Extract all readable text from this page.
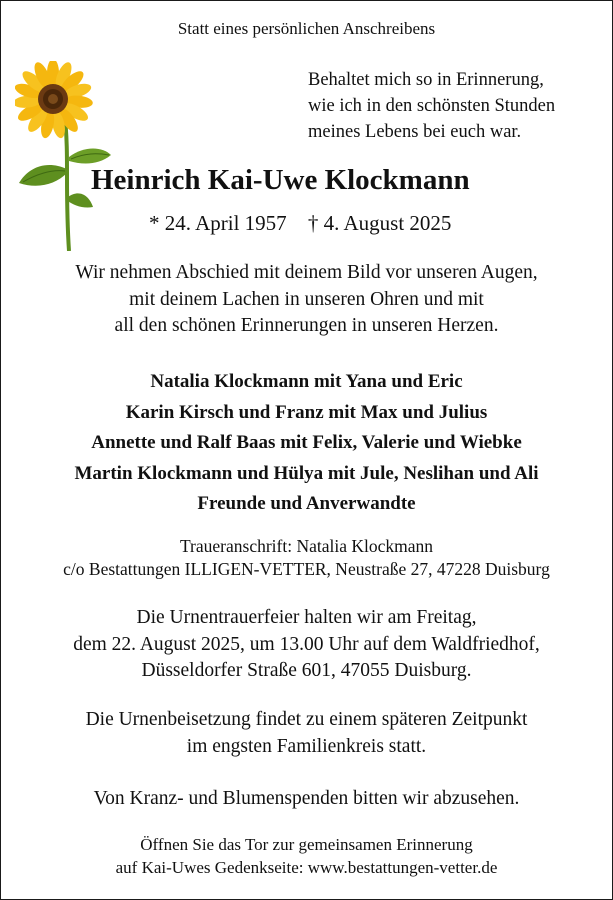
Statt eines persönlichen Anschreibens
Behaltet mich so in Erinnerung,
wie ich in den schönsten Stunden
meines Lebens bei euch war.
Heinrich Kai-Uwe Klockmann
* 24. April 1957 † 4. August 2025
Wir nehmen Abschied mit deinem Bild vor unseren Augen,
mit deinem Lachen in unseren Ohren und mit
all den schönen Erinnerungen in unseren Herzen.
Natalia Klockmann mit Yana und Eric
Karin Kirsch und Franz mit Max und Julius
Annette und Ralf Baas mit Felix, Valerie und Wiebke
Martin Klockmann und Hülya mit Jule, Neslihan und Ali
Freunde und Anverwandte
Traueranschrift: Natalia Klockmann
c/o Bestattungen ILLIGEN-VETTER, Neustraße 27, 47228 Duisburg
Die Urnentrauerfeier halten wir am Freitag,
dem 22. August 2025, um 13.00 Uhr auf dem Waldfriedhof,
Düsseldorfer Straße 601, 47055 Duisburg.
Die Urnenbeisetzung findet zu einem späteren Zeitpunkt
im engsten Familienkreis statt.
Von Kranz- und Blumenspenden bitten wir abzusehen.
Öffnen Sie das Tor zur gemeinsamen Erinnerung
auf Kai-Uwes Gedenkseite: www.bestattungen-vetter.de
